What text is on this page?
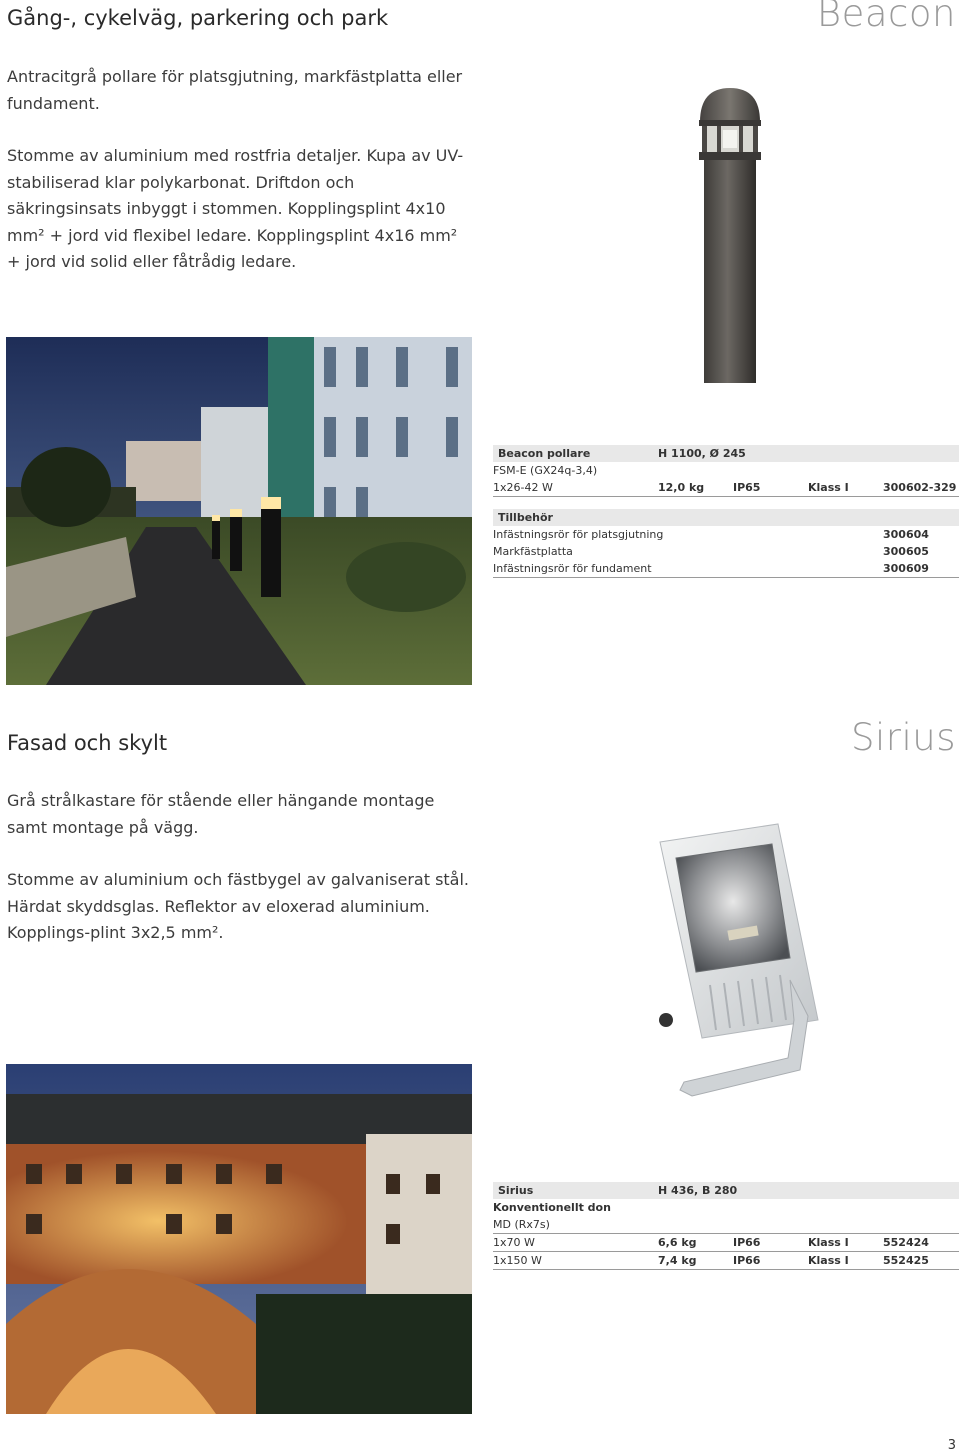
Gång-, cykelväg, parkering och park	Beacon

Antracitgrå pollare för platsgjutning, markfästplatta eller fundament.

Stomme av aluminium med rostfria detaljer. Kupa av UV-stabiliserad klar polykarbonat. Driftdon och säkringsinsats inbyggt i stommen. Kopplingsplint 4x10 mm² + jord vid flexibel ledare. Kopplingsplint 4x16 mm² + jord vid solid eller fåtrådig ledare.

Beacon pollare	H 1100, Ø 245
FSM-E (GX24q-3,4)
1x26-42 W	12,0 kg	IP65	Klass I	300602-329
Tillbehör
Infästningsrör för platsgjutning	300604
Markfästplatta	300605
Infästningsrör för fundament	300609
Fasad och skylt	Sirius

Grå strålkastare för stående eller hängande montage samt montage på vägg.

Stomme av aluminium och fästbygel av galvaniserat stål. Härdat skyddsglas. Reflektor av eloxerad aluminium. Kopplings-plint 3x2,5 mm².

Sirius	H 436, B 280
Konventionellt don
MD (Rx7s)
1x70 W	6,6 kg	IP66	Klass I	552424
1x150 W	7,4 kg	IP66	Klass I	552425
3
